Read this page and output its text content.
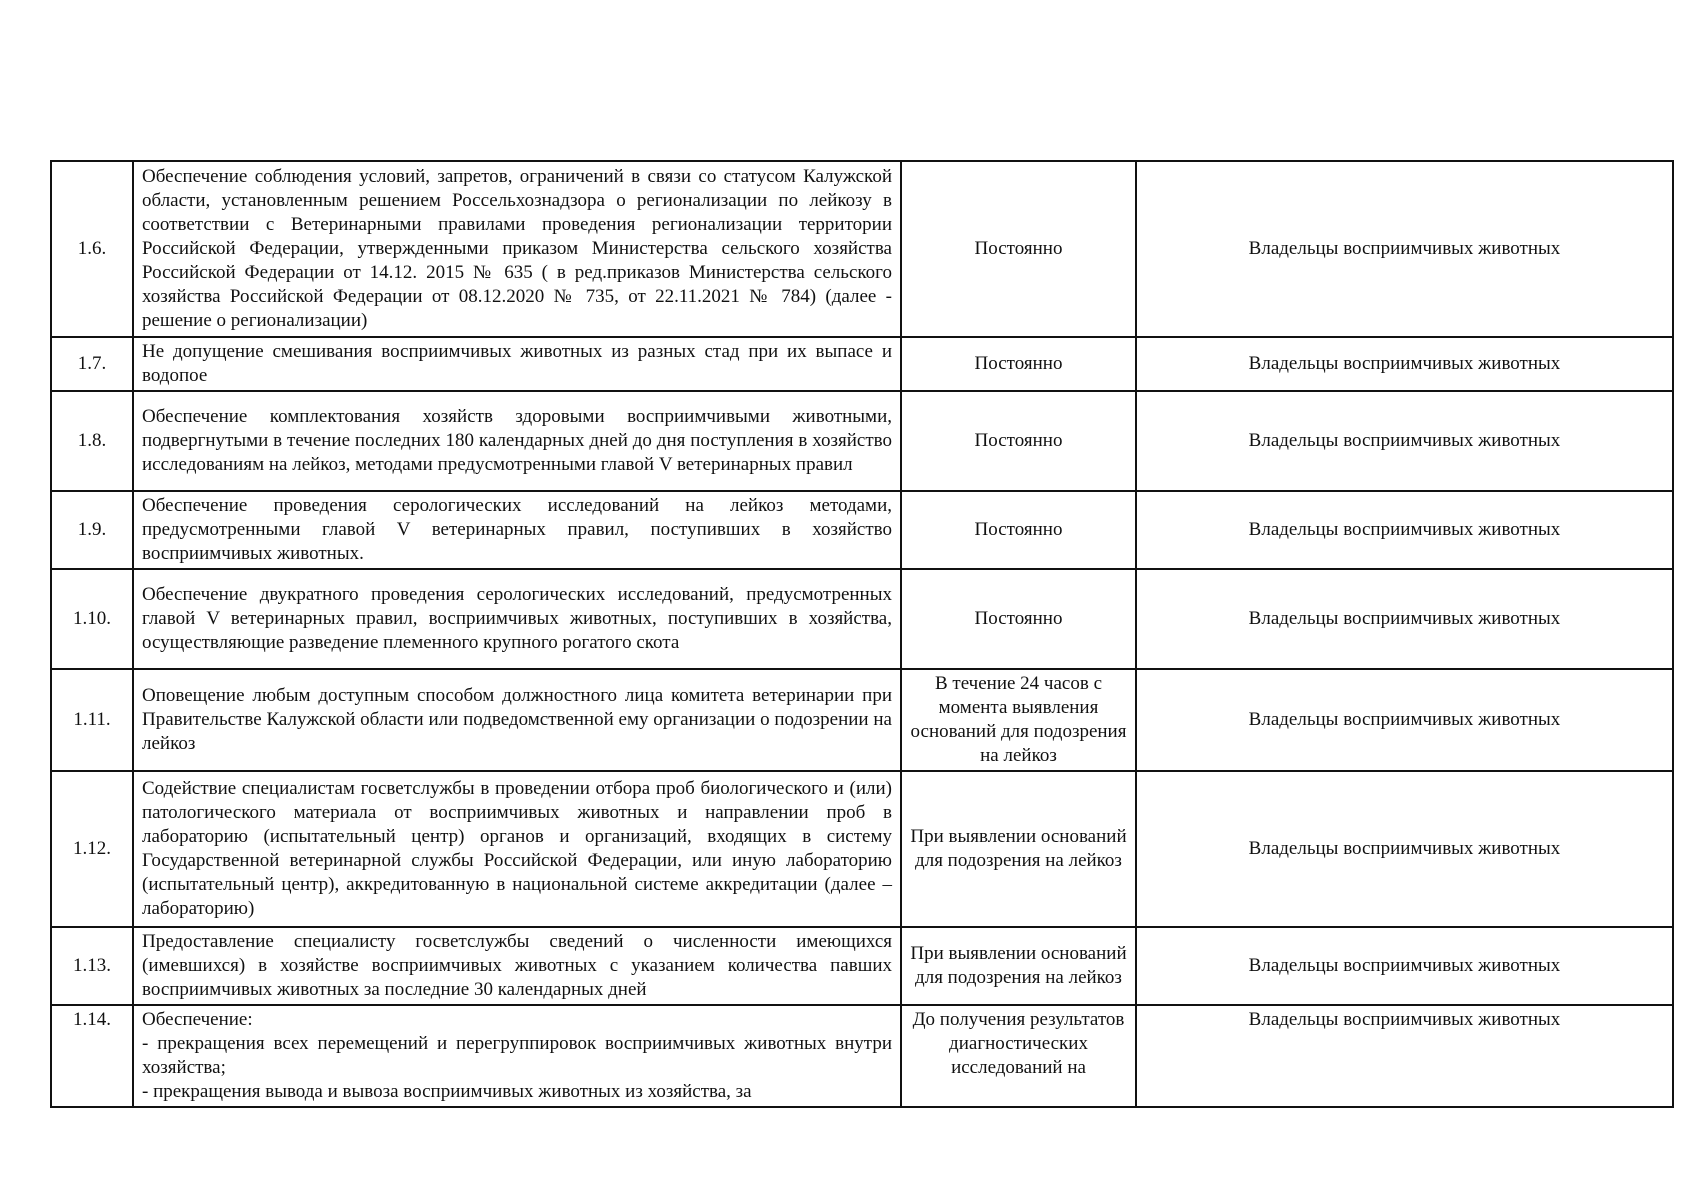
1.6.	Обеспечение соблюдения условий, запретов, ограничений в связи со статусом Калужской области, установленным решением Россельхознадзора о регионализации по лейкозу в соответствии с Ветеринарными правилами проведения регионализации территории Российской Федерации, утвержденными приказом Министерства сельского хозяйства Российской Федерации от 14.12. 2015 № 635 ( в ред.приказов Министерства сельского хозяйства Российской Федерации от 08.12.2020 № 735, от 22.11.2021 № 784) (далее - решение о регионализации)	Постоянно	Владельцы восприимчивых животных
1.7.	Не допущение смешивания восприимчивых животных из разных стад при их выпасе и водопое	Постоянно	Владельцы восприимчивых животных
1.8.	Обеспечение комплектования хозяйств здоровыми восприимчивыми животными, подвергнутыми в течение последних 180 календарных дней до дня поступления в хозяйство исследованиям на лейкоз, методами предусмотренными главой V ветеринарных правил	Постоянно	Владельцы восприимчивых животных
1.9.	Обеспечение проведения серологических исследований на лейкоз методами, предусмотренными главой V ветеринарных правил, поступивших в хозяйство восприимчивых животных.	Постоянно	Владельцы восприимчивых животных
1.10.	Обеспечение двукратного проведения серологических исследований, предусмотренных главой V ветеринарных правил, восприимчивых животных, поступивших в хозяйства, осуществляющие разведение племенного крупного рогатого скота	Постоянно	Владельцы восприимчивых животных
1.11.	Оповещение любым доступным способом должностного лица комитета ветеринарии при Правительстве Калужской области или подведомственной ему организации о подозрении на лейкоз	В течение 24 часов с момента выявления оснований для подозрения на лейкоз	Владельцы восприимчивых животных
1.12.	Содействие специалистам госветслужбы в проведении отбора проб биологического и (или) патологического материала от восприимчивых животных и направлении проб в лабораторию (испытательный центр) органов и организаций, входящих в систему Государственной ветеринарной службы Российской Федерации, или иную лабораторию (испытательный центр), аккредитованную в национальной системе аккредитации (далее – лабораторию)	При выявлении оснований для подозрения на лейкоз	Владельцы восприимчивых животных
1.13.	Предоставление специалисту госветслужбы сведений о численности имеющихся (имевшихся) в хозяйстве восприимчивых животных с указанием количества павших восприимчивых животных за последние 30 календарных дней	При выявлении оснований для подозрения на лейкоз	Владельцы восприимчивых животных
1.14.	Обеспечение:
- прекращения всех перемещений и перегруппировок восприимчивых животных внутри хозяйства;
- прекращения вывода и вывоза восприимчивых животных из хозяйства, за	До получения результатов диагностических исследований на	Владельцы восприимчивых животных
